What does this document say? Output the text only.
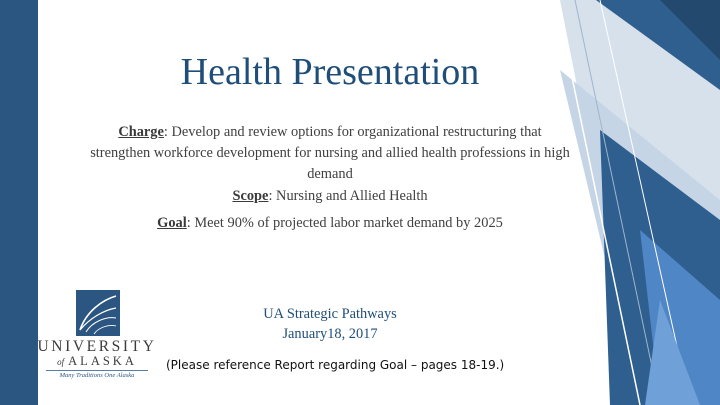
Health Presentation
Charge: Develop and review options for organizational restructuring that strengthen workforce development for nursing and allied health professions in high demand
Scope: Nursing and Allied Health
Goal: Meet 90% of projected labor market demand by 2025
UA Strategic Pathways
January18, 2017
(Please reference Report regarding Goal – pages 18-19.)
UNIVERSITY
of ALASKA
Many Traditions One Alaska
